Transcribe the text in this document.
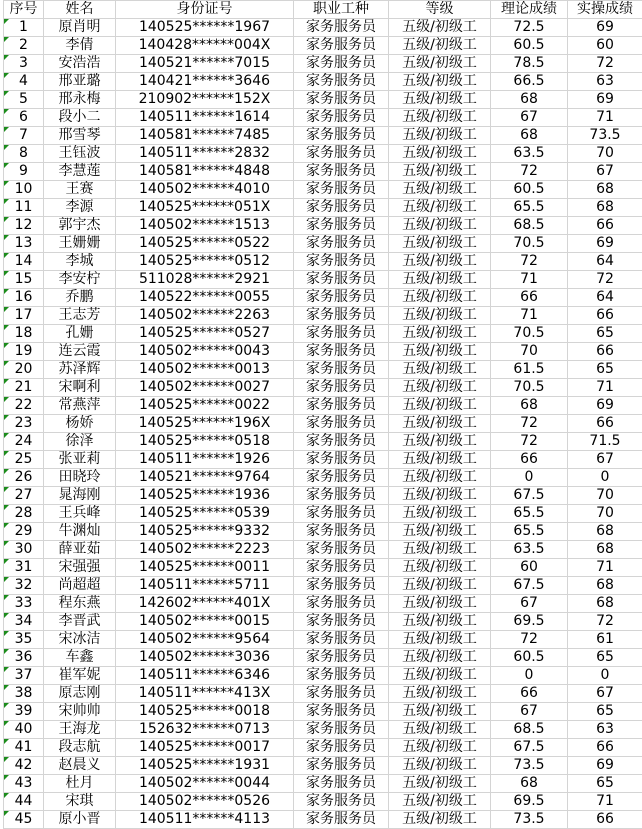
序号	姓名	身份证号	职业工种	等级	理论成绩	实操成绩

1	原肖明	140525******1967	家务服务员	五级/初级工	72.5	69

2	李倩	140428******004X	家务服务员	五级/初级工	60.5	60

3	安浩浩	140521******7015	家务服务员	五级/初级工	78.5	72

4	邢亚璐	140421******3646	家务服务员	五级/初级工	66.5	63

5	邢永梅	210902******152X	家务服务员	五级/初级工	68	69

6	段小二	140511******1614	家务服务员	五级/初级工	67	71

7	邢雪琴	140581******7485	家务服务员	五级/初级工	68	73.5

8	王钰波	140511******2832	家务服务员	五级/初级工	63.5	70

9	李慧莲	140581******4848	家务服务员	五级/初级工	72	67

10	王赛	140502******4010	家务服务员	五级/初级工	60.5	68

11	李源	140525******051X	家务服务员	五级/初级工	65.5	68

12	郭宇杰	140502******1513	家务服务员	五级/初级工	68.5	66

13	王姗姗	140525******0522	家务服务员	五级/初级工	70.5	69

14	李城	140525******0512	家务服务员	五级/初级工	72	64

15	李安柠	511028******2921	家务服务员	五级/初级工	71	72

16	乔鹏	140522******0055	家务服务员	五级/初级工	66	64

17	王志芳	140502******2263	家务服务员	五级/初级工	71	66

18	孔姗	140525******0527	家务服务员	五级/初级工	70.5	65

19	连云霞	140502******0043	家务服务员	五级/初级工	70	66

20	苏泽辉	140502******0013	家务服务员	五级/初级工	61.5	65

21	宋啊利	140502******0027	家务服务员	五级/初级工	70.5	71

22	常燕萍	140525******0022	家务服务员	五级/初级工	68	69

23	杨娇	140525******196X	家务服务员	五级/初级工	72	66

24	徐泽	140525******0518	家务服务员	五级/初级工	72	71.5

25	张亚莉	140511******1926	家务服务员	五级/初级工	66	67

26	田晓玲	140521******9764	家务服务员	五级/初级工	0	0

27	晁海刚	140525******1936	家务服务员	五级/初级工	67.5	70

28	王兵峰	140525******0539	家务服务员	五级/初级工	65.5	70

29	牛渊灿	140525******9332	家务服务员	五级/初级工	65.5	68

30	薛亚茹	140502******2223	家务服务员	五级/初级工	63.5	68

31	宋强强	140525******0011	家务服务员	五级/初级工	60	71

32	尚超超	140511******5711	家务服务员	五级/初级工	67.5	68

33	程东燕	142602******401X	家务服务员	五级/初级工	67	68

34	李晋武	140502******0015	家务服务员	五级/初级工	69.5	72

35	宋冰洁	140502******9564	家务服务员	五级/初级工	72	61

36	车鑫	140502******3036	家务服务员	五级/初级工	60.5	65

37	崔军妮	140511******6346	家务服务员	五级/初级工	0	0

38	原志刚	140511******413X	家务服务员	五级/初级工	66	67

39	宋帅帅	140525******0018	家务服务员	五级/初级工	67	65

40	王海龙	152632******0713	家务服务员	五级/初级工	68.5	63

41	段志航	140525******0017	家务服务员	五级/初级工	67.5	66

42	赵晨义	140525******1931	家务服务员	五级/初级工	73.5	69

43	杜月	140502******0044	家务服务员	五级/初级工	68	65

44	宋琪	140502******0526	家务服务员	五级/初级工	69.5	71

45	原小晋	140511******4113	家务服务员	五级/初级工	73.5	66
